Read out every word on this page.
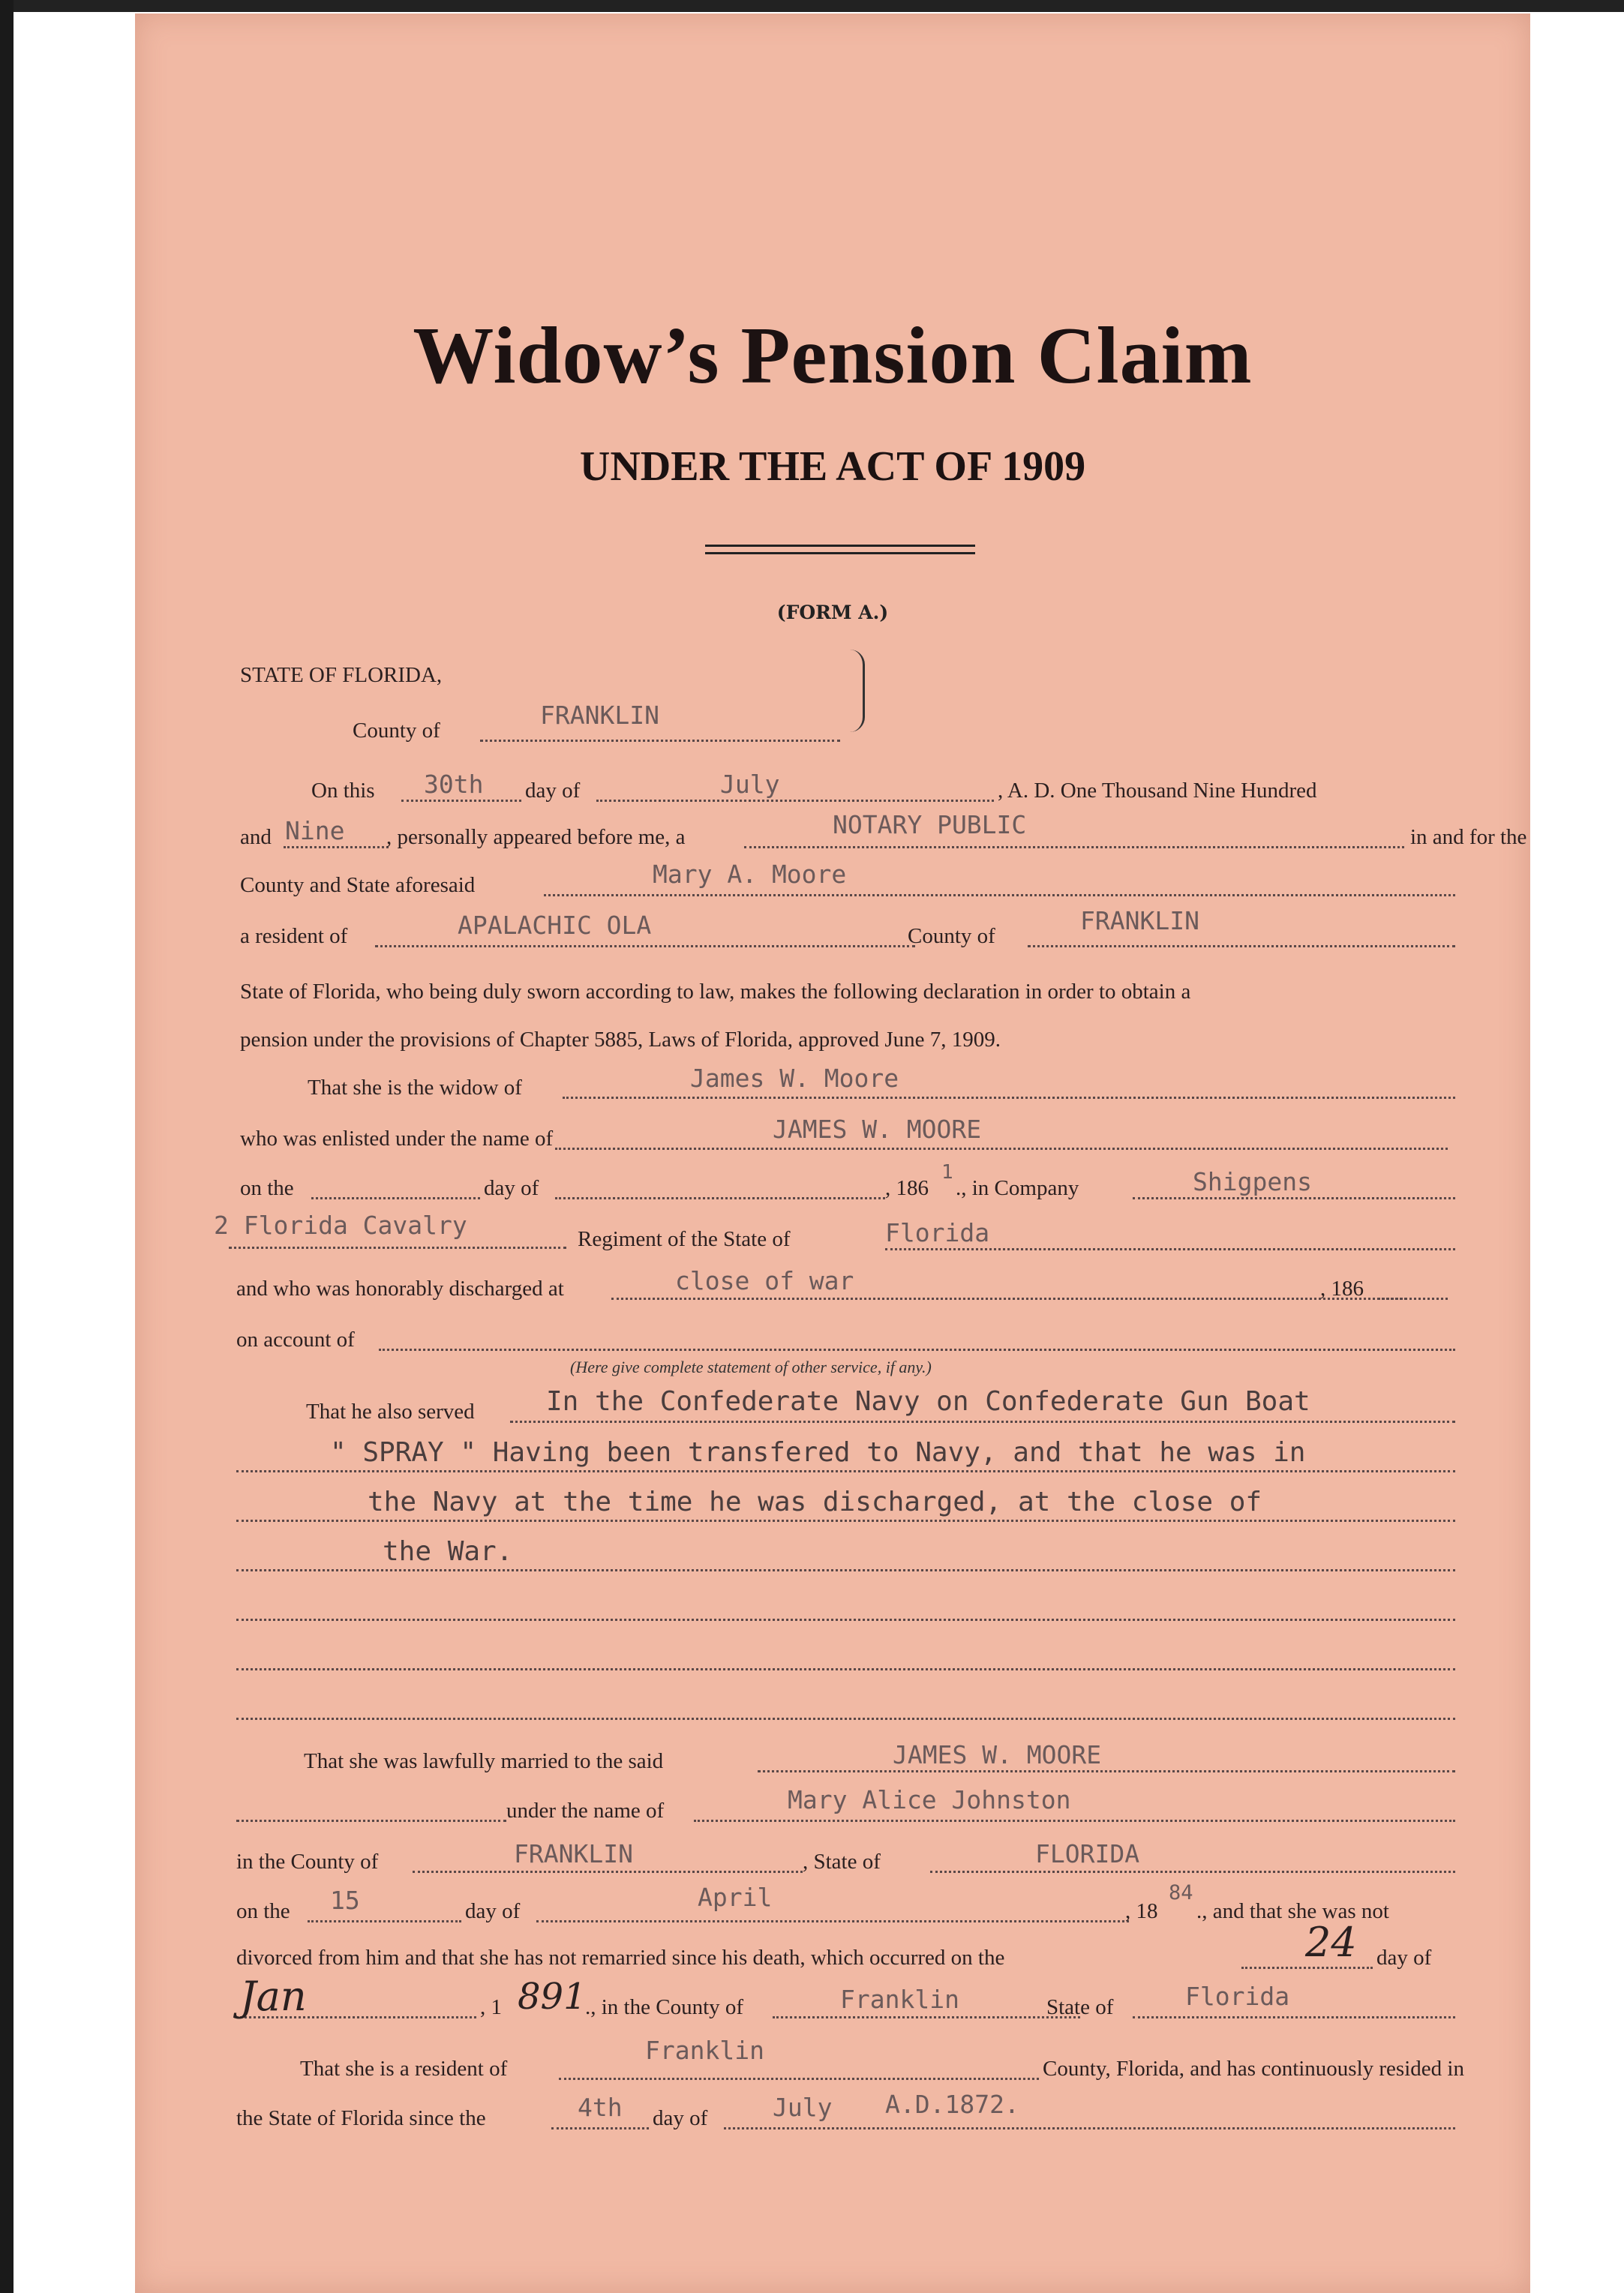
Widow’s Pension Claim
UNDER THE ACT OF 1909
(FORM A.)
STATE OF FLORIDA,
County of
FRANKLIN
On this 30th day of	July	, A. D. One Thousand Nine Hundred
and Nine , personally appeared before me, a	NOTARY PUBLIC	in and for the
County and State aforesaid	Mary A. Moore
a resident of	APALACHIC OLA	County of
FRANKLIN
State of Florida, who being duly sworn according to law, makes the following declaration in order to obtain a
pension under the provisions of Chapter 5885, Laws of Florida, approved June 7, 1909.
That she is the widow of	James W. Moore
who was enlisted under the name of	JAMES W. MOORE
on the	day of	, 186
1
., in Company	Shigpens
2 Florida Cavalry	Regiment of the State of	Florida
and who was honorably discharged at	close of war	, 186
on account of
(Here give complete statement of other service, if any.)
That he also served	In the Confederate Navy on Confederate Gun Boat
" SPRAY " Having been transfered to Navy, and that he was in
the Navy at the time he was discharged, at the close of
the War.
That she was lawfully married to the said	JAMES W. MOORE
under the name of	Mary Alice Johnston
in the County of	FRANKLIN	, State of	FLORIDA
on the 15	day of	April	, 18
84
., and that she was not
divorced from him and that she has not remarried since his death, which occurred on the	24 day of
Jan	, 1 891
., in the County of	Franklin	State of	Florida
That she is a resident of
Franklin
County, Florida, and has continuously resided in
the State of Florida since the	4th day of	July A.D.1872.
